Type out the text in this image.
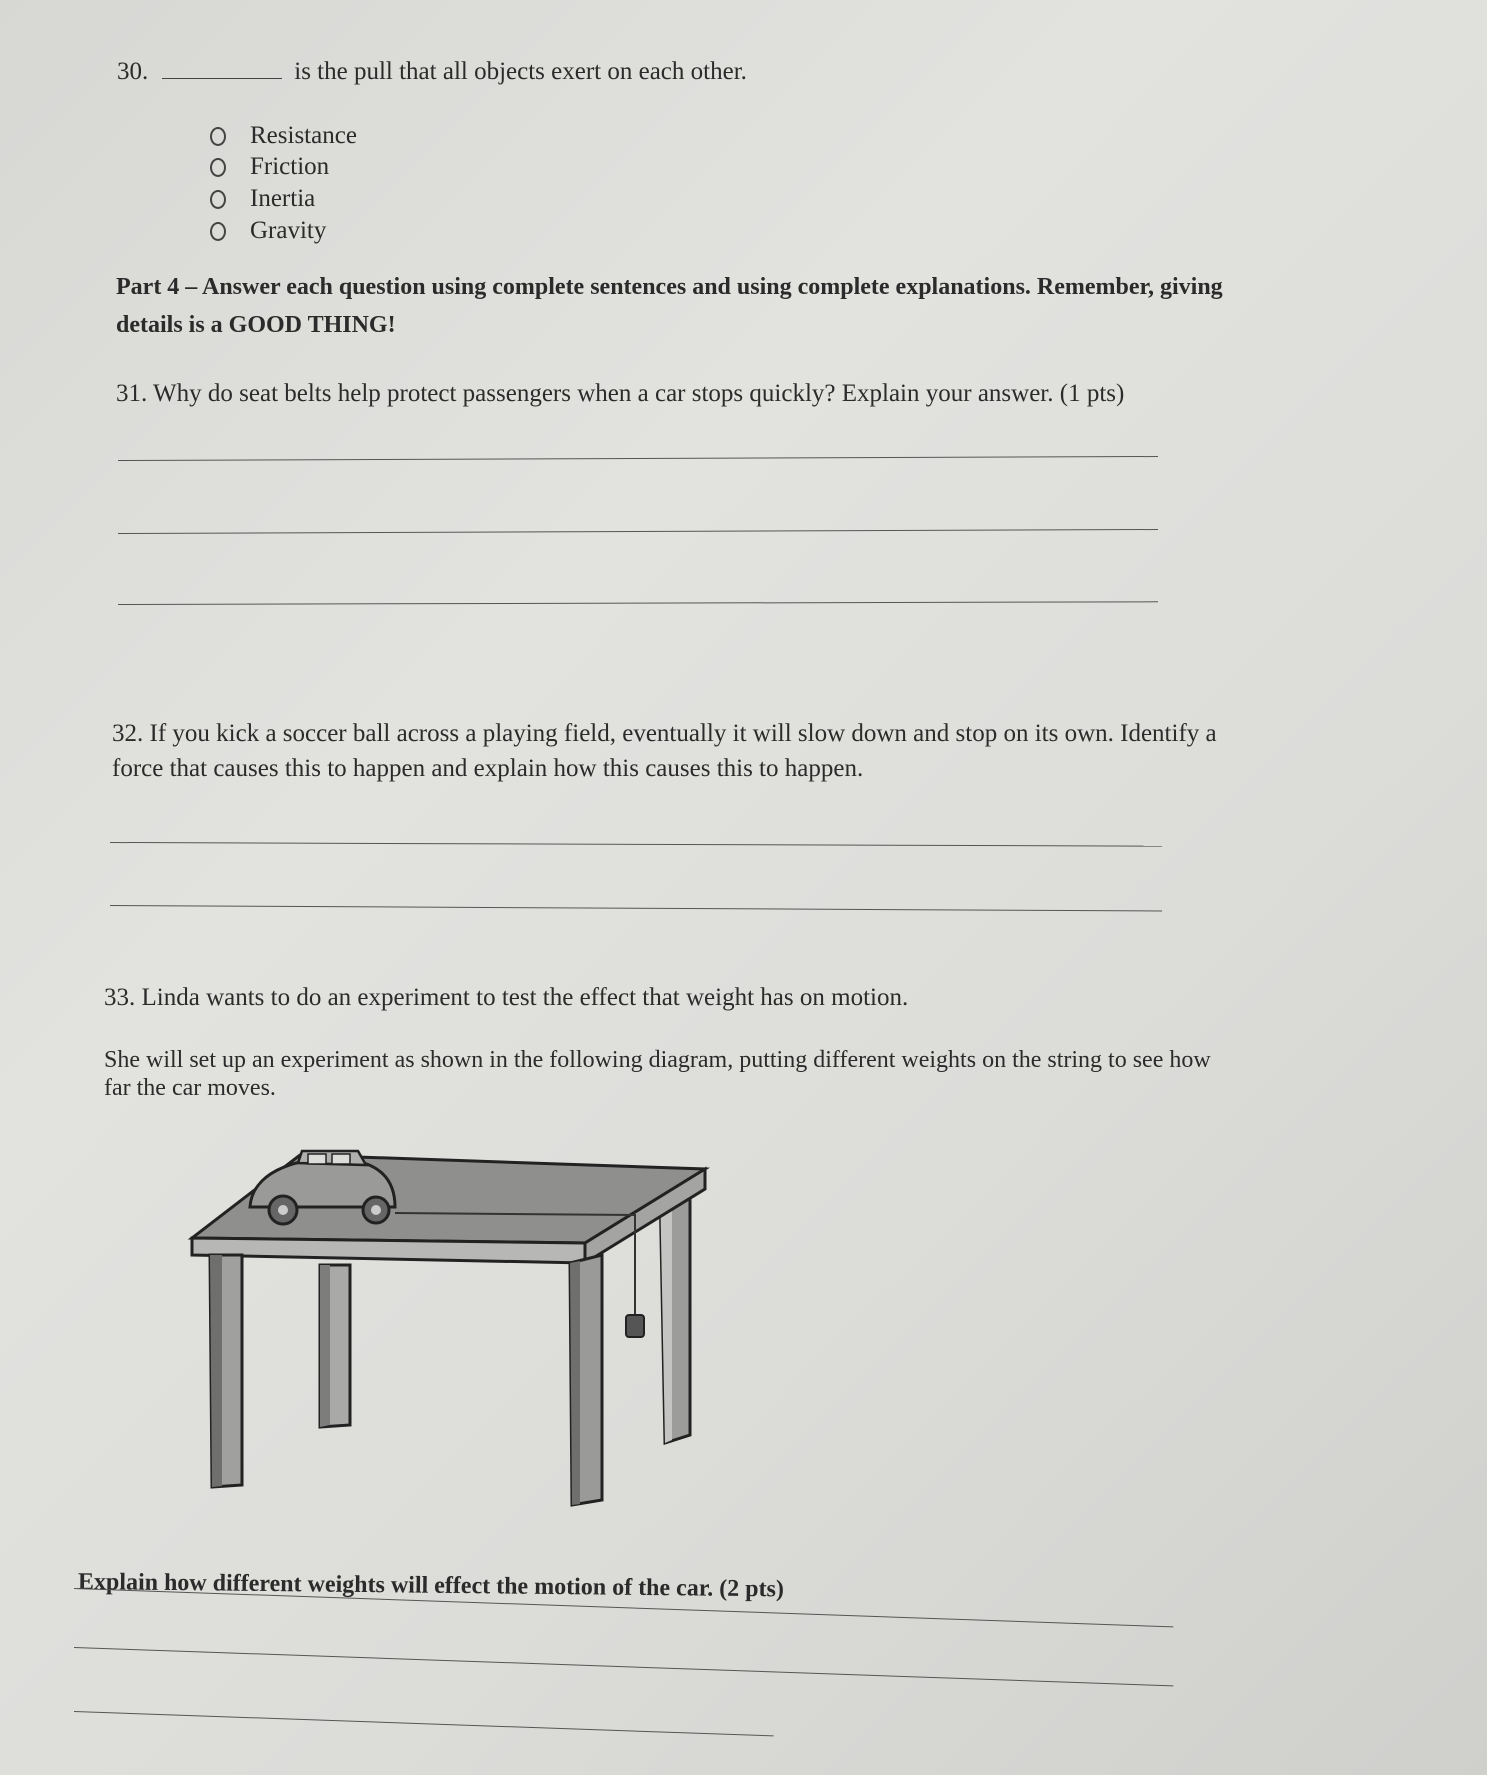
30.	is the pull that all objects exert on each other.
Resistance
Friction
Inertia
Gravity
Part 4 – Answer each question using complete sentences and using complete explanations. Remember, giving
details is a GOOD THING!
31. Why do seat belts help protect passengers when a car stops quickly? Explain your answer. (1 pts)
32. If you kick a soccer ball across a playing field, eventually it will slow down and stop on its own. Identify a
force that causes this to happen and explain how this causes this to happen.
33. Linda wants to do an experiment to test the effect that weight has on motion.
She will set up an experiment as shown in the following diagram, putting different weights on the string to see how
far the car moves.
Explain how different weights will effect the motion of the car. (2 pts)
